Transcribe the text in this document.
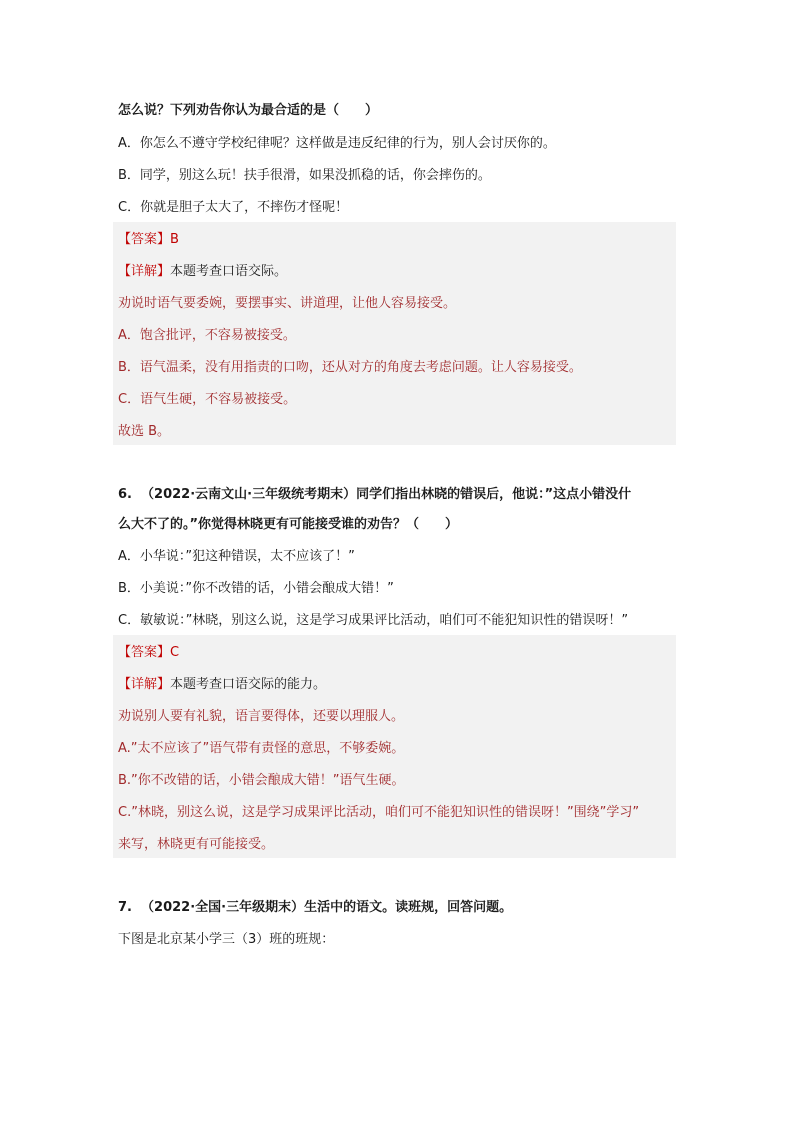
怎么说？下列劝告你认为最合适的是（　　）
A．你怎么不遵守学校纪律呢？这样做是违反纪律的行为，别人会讨厌你的。
B．同学，别这么玩！扶手很滑，如果没抓稳的话，你会摔伤的。
C．你就是胆子太大了，不摔伤才怪呢！
【答案】B
【详解】本题考查口语交际。
劝说时语气要委婉，要摆事实、讲道理，让他人容易接受。
A．饱含批评，不容易被接受。
B．语气温柔，没有用指责的口吻，还从对方的角度去考虑问题。让人容易接受。
C．语气生硬，不容易被接受。
故选 B。
6. （2022·云南文山·三年级统考期末）同学们指出林晓的错误后，他说：”这点小错没什
么大不了的。”你觉得林晓更有可能接受谁的劝告？（　　）
A．小华说：”犯这种错误，太不应该了！”
B．小美说：”你不改错的话，小错会酿成大错！”
C．敏敏说：”林晓，别这么说，这是学习成果评比活动，咱们可不能犯知识性的错误呀！”
【答案】C
【详解】本题考查口语交际的能力。
劝说别人要有礼貌，语言要得体，还要以理服人。
A.”太不应该了”语气带有责怪的意思，不够委婉。
B.”你不改错的话，小错会酿成大错！”语气生硬。
C.”林晓，别这么说，这是学习成果评比活动，咱们可不能犯知识性的错误呀！”围绕”学习”
来写，林晓更有可能接受。
7. （2022·全国·三年级期末）生活中的语文。读班规，回答问题。
下图是北京某小学三（3）班的班规：
